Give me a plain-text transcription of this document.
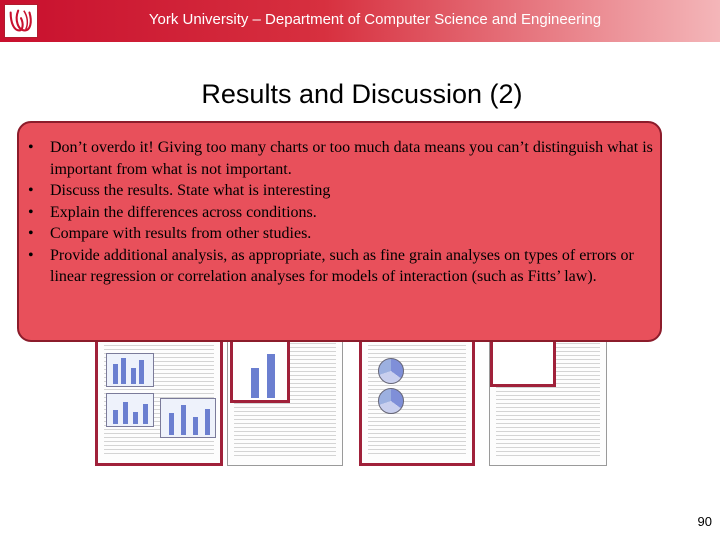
York University – Department of Computer Science and Engineering
Results and Discussion (2)
• Don’t overdo it! Giving too many charts or too much data means you can’t distinguish what is important from what is not important.
• Discuss the results. State what is interesting
• Explain the differences across conditions.
• Compare with results from other studies.
• Provide additional analysis, as appropriate, such as fine grain analyses on types of errors or linear regression or correlation analyses for models of interaction (such as Fitts’ law).
90
